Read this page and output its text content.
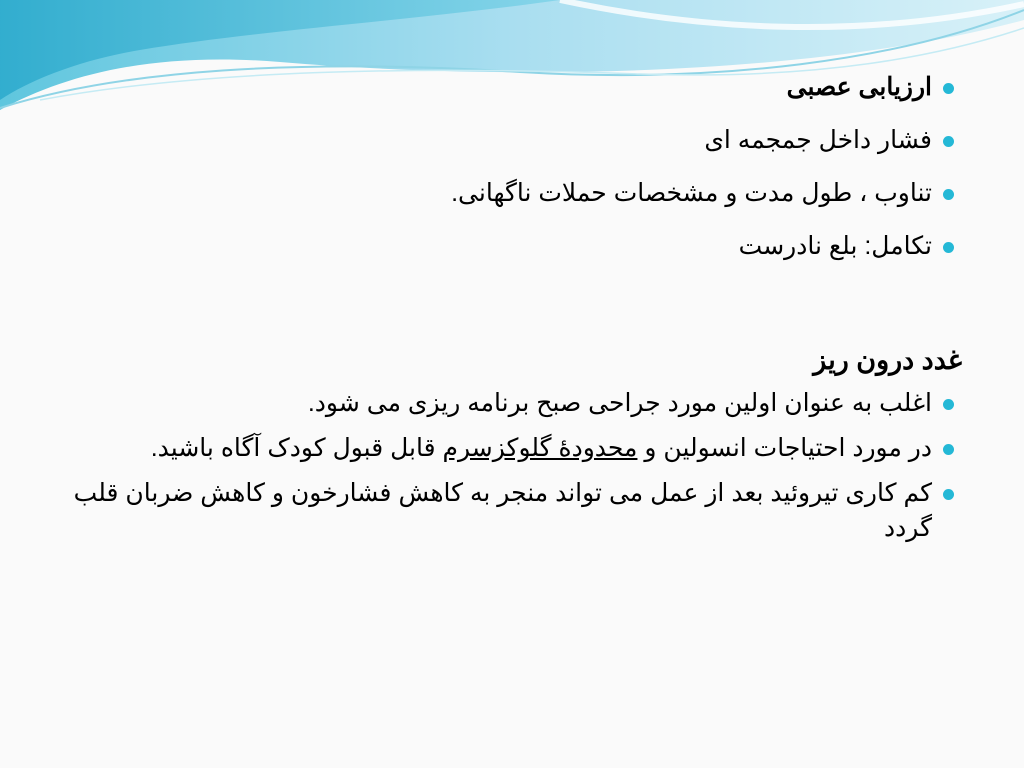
ارزیابی عصبی
فشار داخل جمجمه ای
تناوب ، طول مدت و مشخصات حملات ناگهانی.
تکامل: بلع نادرست
غدد درون ریز
اغلب به عنوان اولین مورد جراحی صبح برنامه ریزی می شود.
در مورد احتیاجات انسولین و محدودۀ گلوکزسرم قابل قبول کودک آگاه باشید.
کم کاری تیروئید بعد از عمل می تواند منجر به کاهش فشارخون و کاهش ضربان قلب گردد
